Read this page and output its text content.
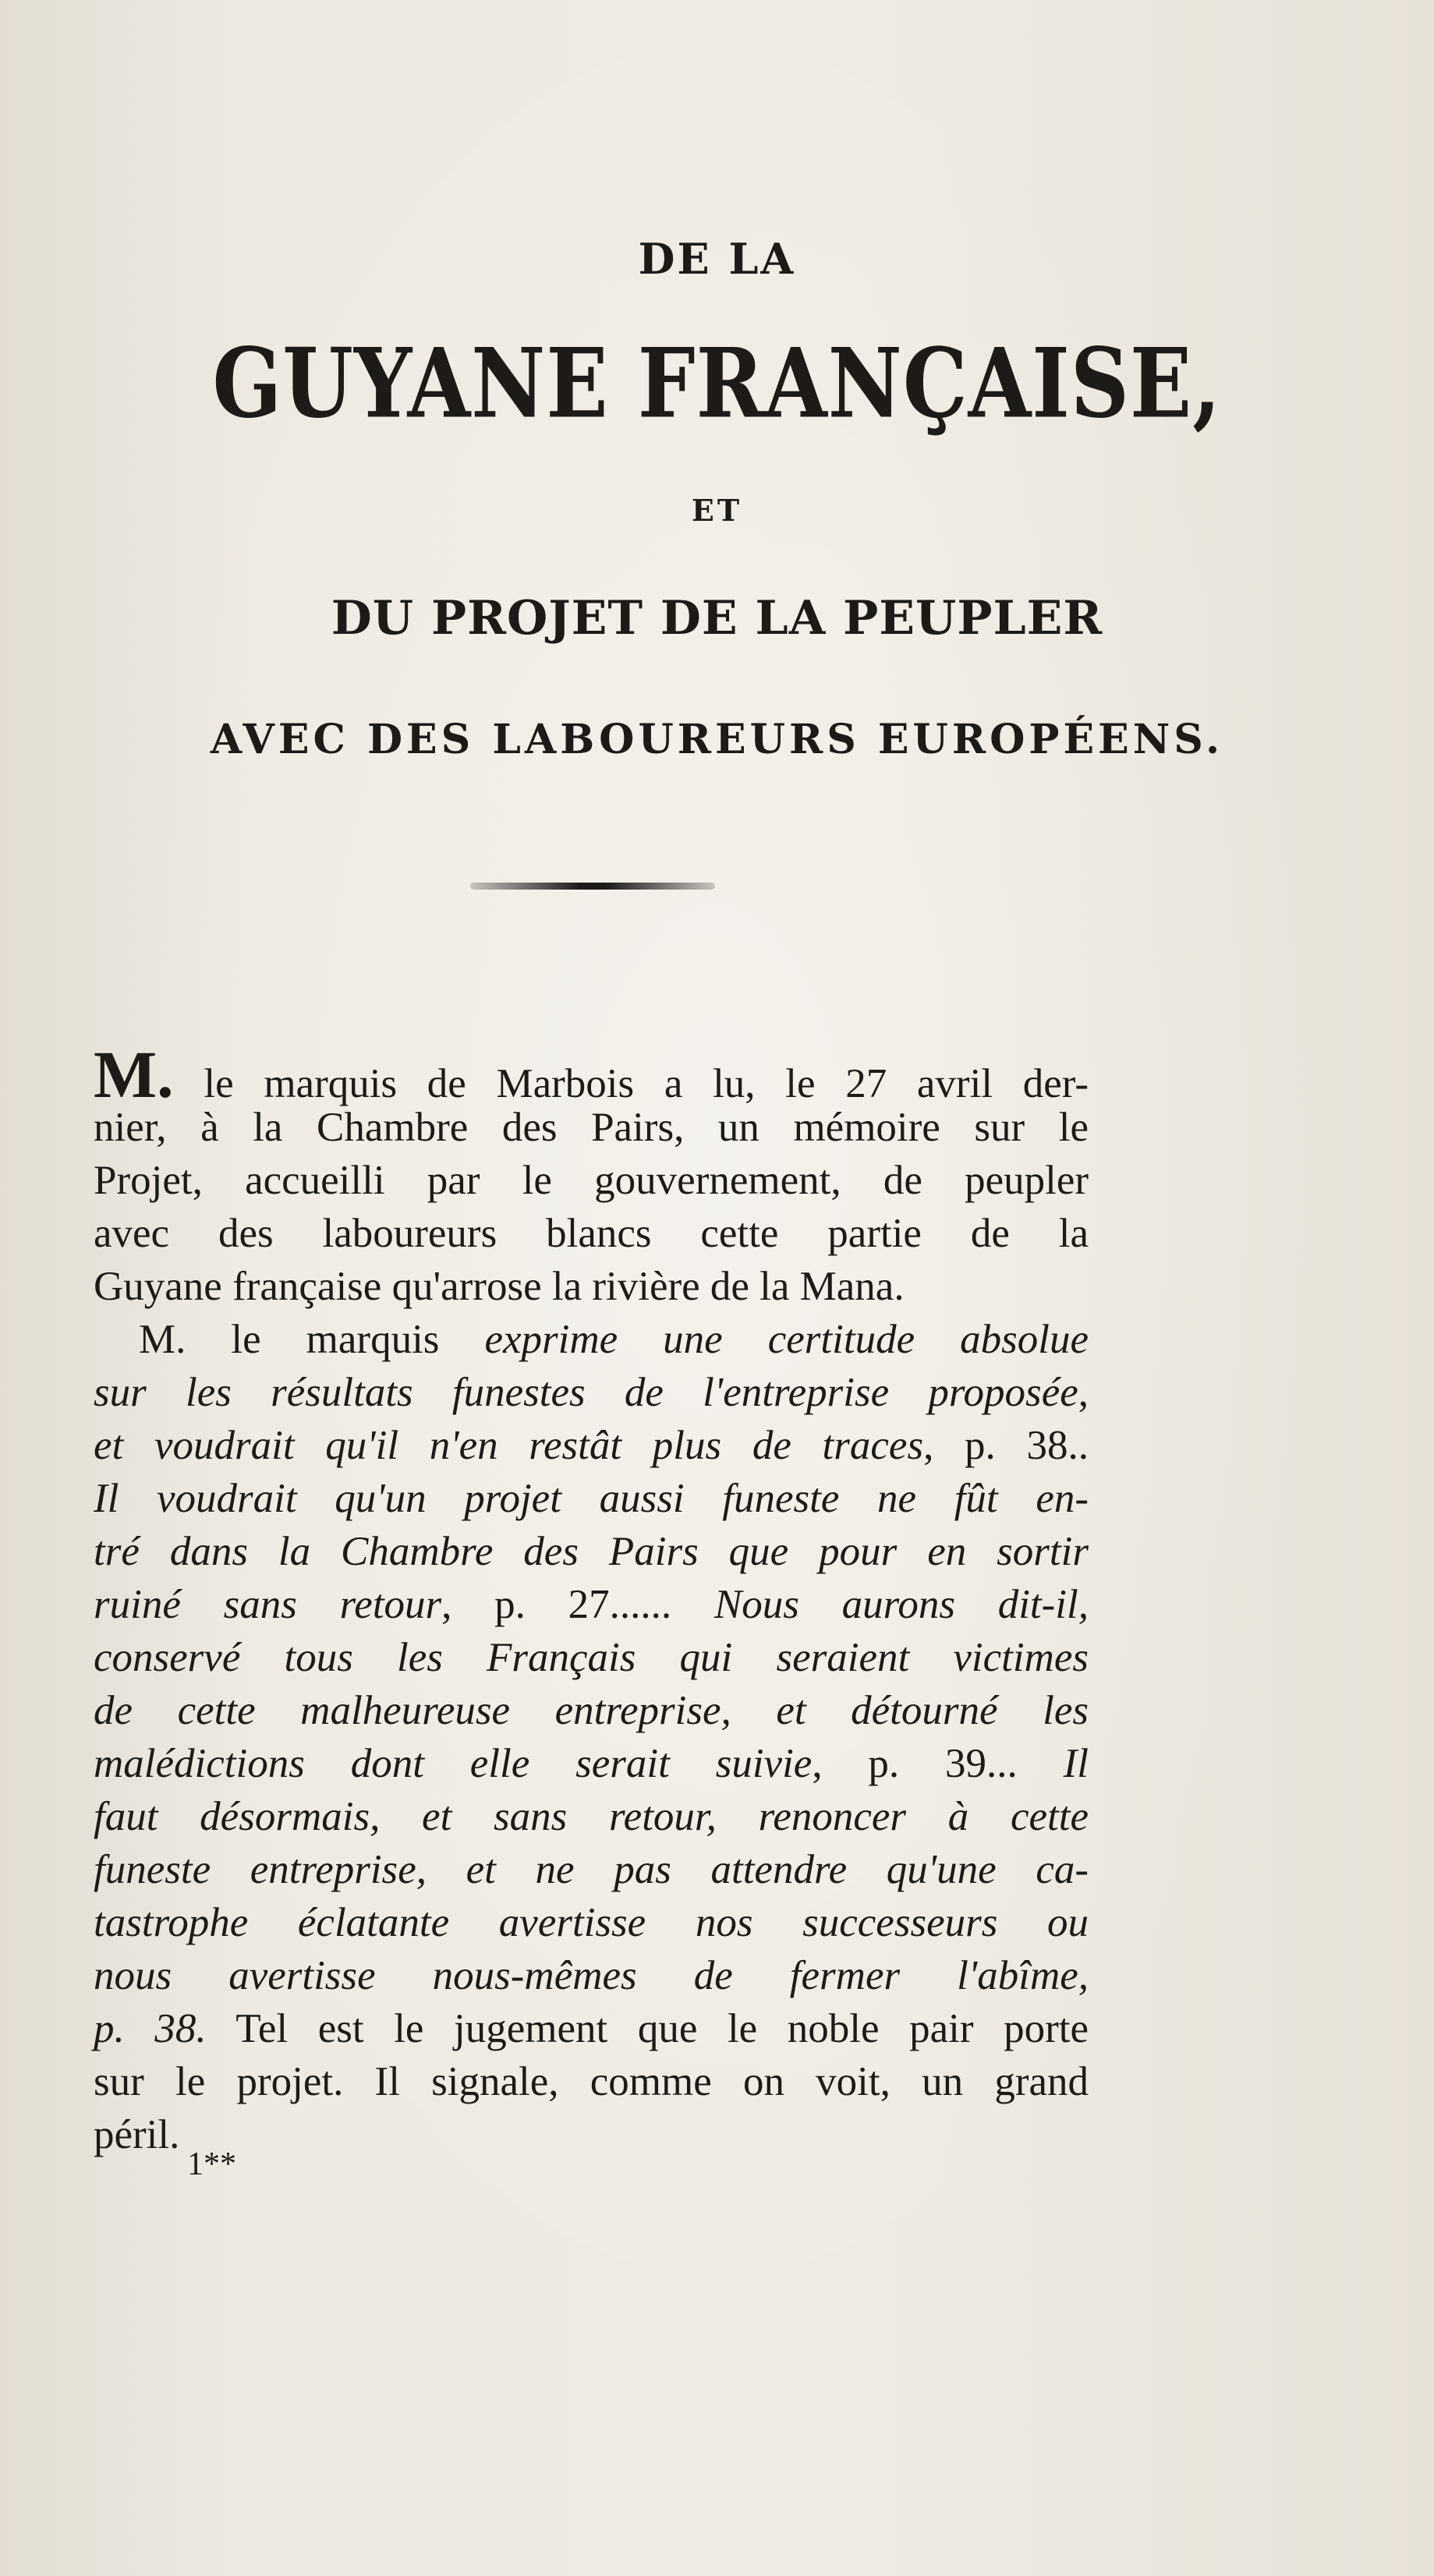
DE LA
GUYANE FRANÇAISE,
ET
DU PROJET DE LA PEUPLER
AVEC DES LABOUREURS EUROPÉENS.
M. le marquis de Marbois a lu, le 27 avril der-
nier, à la Chambre des Pairs, un mémoire sur le
Projet, accueilli par le gouvernement, de peupler
avec des laboureurs blancs cette partie de la
Guyane française qu'arrose la rivière de la Mana.
M. le marquis exprime une certitude absolue
sur les résultats funestes de l'entreprise proposée,
et voudrait qu'il n'en restât plus de traces, p. 38..
Il voudrait qu'un projet aussi funeste ne fût en-
tré dans la Chambre des Pairs que pour en sortir
ruiné sans retour, p. 27...... Nous aurons dit-il,
conservé tous les Français qui seraient victimes
de cette malheureuse entreprise, et détourné les
malédictions dont elle serait suivie, p. 39... Il
faut désormais, et sans retour, renoncer à cette
funeste entreprise, et ne pas attendre qu'une ca-
tastrophe éclatante avertisse nos successeurs ou
nous avertisse nous-mêmes de fermer l'abîme,
p. 38. Tel est le jugement que le noble pair porte
sur le projet. Il signale, comme on voit, un grand
péril.
1**
